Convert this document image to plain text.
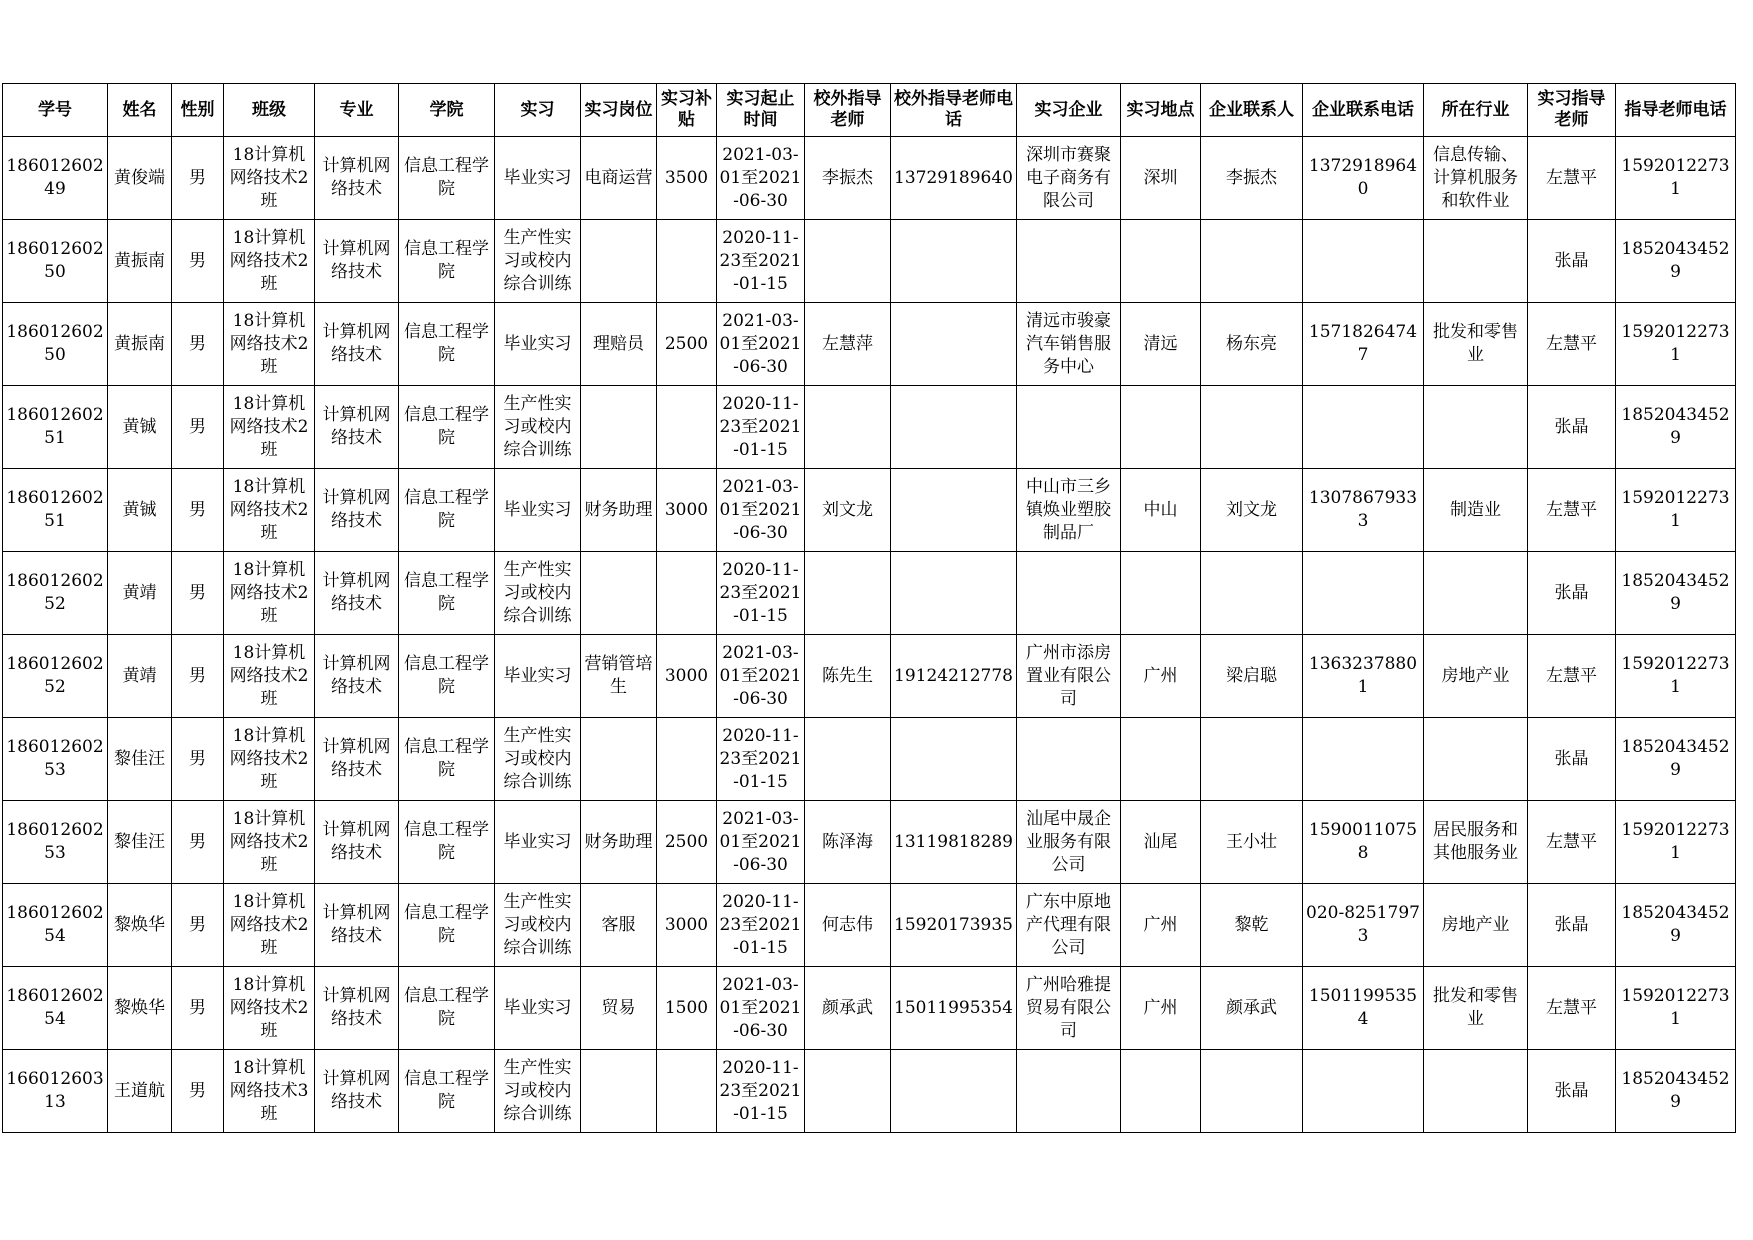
学号	姓名	性别	班级	专业	学院	实习	实习岗位	实习补贴	实习起止时间	校外指导老师	校外指导老师电话	实习企业	实习地点	企业联系人	企业联系电话	所在行业	实习指导老师	指导老师电话

18601260249	黄俊端	男	18计算机网络技术2班	计算机网络技术	信息工程学院	毕业实习	电商运营	3500	2021-03-01至2021-06-30	李振杰	13729189640	深圳市赛聚电子商务有限公司	深圳	李振杰	13729189640	信息传输、计算机服务和软件业	左慧平	15920122731

18601260250	黄振南	男	18计算机网络技术2班	计算机网络技术	信息工程学院	生产性实习或校内综合训练			2020-11-23至2021-01-15								张晶	18520434529

18601260250	黄振南	男	18计算机网络技术2班	计算机网络技术	信息工程学院	毕业实习	理赔员	2500	2021-03-01至2021-06-30	左慧萍		清远市骏豪汽车销售服务中心	清远	杨东亮	15718264747	批发和零售业	左慧平	15920122731

18601260251	黄铖	男	18计算机网络技术2班	计算机网络技术	信息工程学院	生产性实习或校内综合训练			2020-11-23至2021-01-15								张晶	18520434529

18601260251	黄铖	男	18计算机网络技术2班	计算机网络技术	信息工程学院	毕业实习	财务助理	3000	2021-03-01至2021-06-30	刘文龙		中山市三乡镇焕业塑胶制品厂	中山	刘文龙	13078679333	制造业	左慧平	15920122731

18601260252	黄靖	男	18计算机网络技术2班	计算机网络技术	信息工程学院	生产性实习或校内综合训练			2020-11-23至2021-01-15								张晶	18520434529

18601260252	黄靖	男	18计算机网络技术2班	计算机网络技术	信息工程学院	毕业实习	营销管培生	3000	2021-03-01至2021-06-30	陈先生	19124212778	广州市添房置业有限公司	广州	梁启聪	13632378801	房地产业	左慧平	15920122731

18601260253	黎佳汪	男	18计算机网络技术2班	计算机网络技术	信息工程学院	生产性实习或校内综合训练			2020-11-23至2021-01-15								张晶	18520434529

18601260253	黎佳汪	男	18计算机网络技术2班	计算机网络技术	信息工程学院	毕业实习	财务助理	2500	2021-03-01至2021-06-30	陈泽海	13119818289	汕尾中晟企业服务有限公司	汕尾	王小壮	15900110758	居民服务和其他服务业	左慧平	15920122731

18601260254	黎焕华	男	18计算机网络技术2班	计算机网络技术	信息工程学院	生产性实习或校内综合训练	客服	3000	2020-11-23至2021-01-15	何志伟	15920173935	广东中原地产代理有限公司	广州	黎乾	020-82517973	房地产业	张晶	18520434529

18601260254	黎焕华	男	18计算机网络技术2班	计算机网络技术	信息工程学院	毕业实习	贸易	1500	2021-03-01至2021-06-30	颜承武	15011995354	广州哈雅提贸易有限公司	广州	颜承武	15011995354	批发和零售业	左慧平	15920122731

16601260313	王道航	男	18计算机网络技术3班	计算机网络技术	信息工程学院	生产性实习或校内综合训练			2020-11-23至2021-01-15								张晶	18520434529
